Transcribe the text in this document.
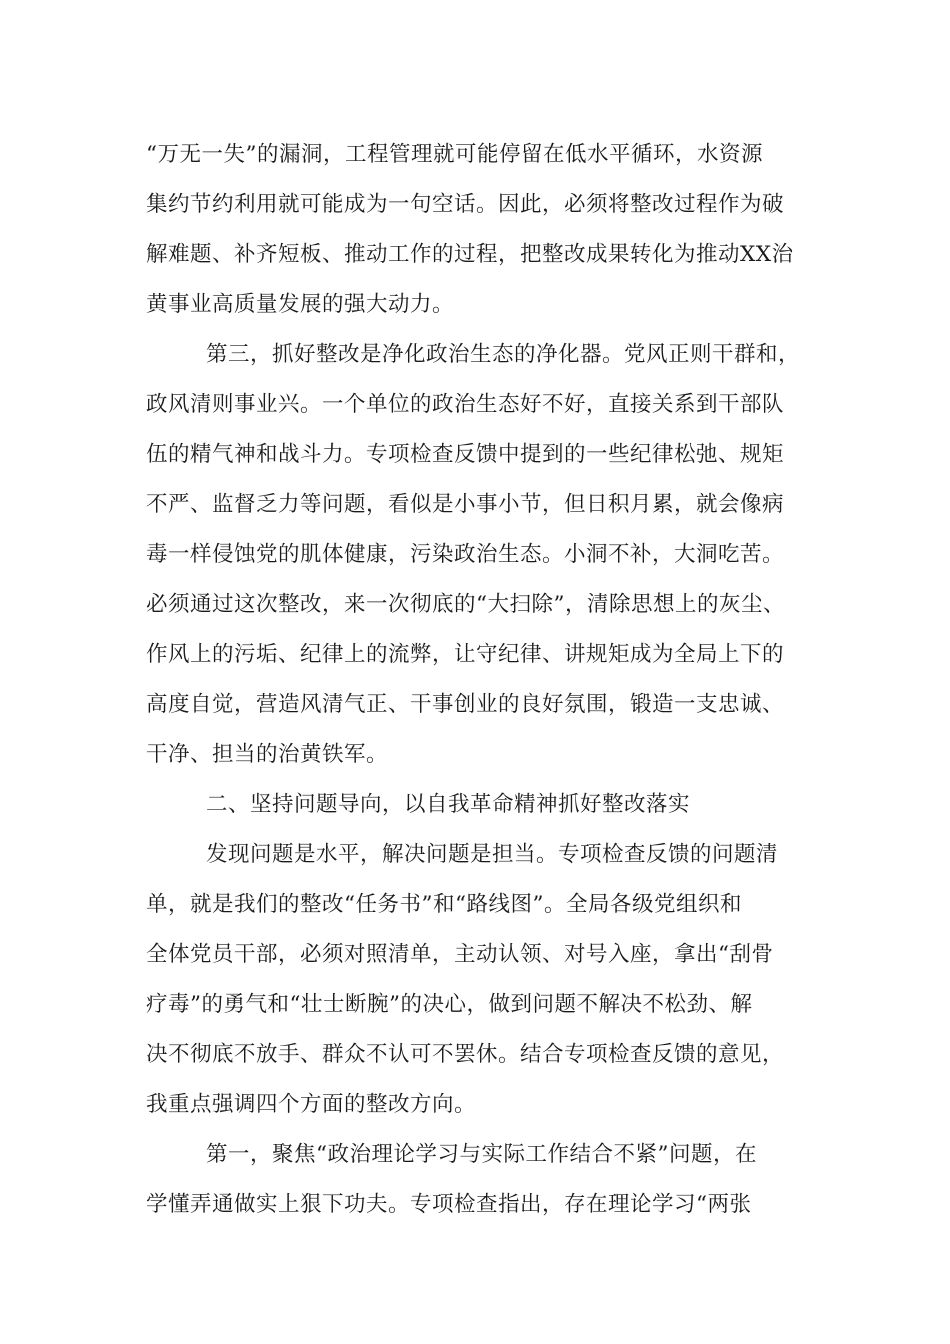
“万无一失”的漏洞，工程管理就可能停留在低水平循环，水资源
集约节约利用就可能成为一句空话。因此，必须将整改过程作为破
解难题、补齐短板、推动工作的过程，把整改成果转化为推动XX治
黄事业高质量发展的强大动力。
第三，抓好整改是净化政治生态的净化器。党风正则干群和，
政风清则事业兴。一个单位的政治生态好不好，直接关系到干部队
伍的精气神和战斗力。专项检查反馈中提到的一些纪律松弛、规矩
不严、监督乏力等问题，看似是小事小节，但日积月累，就会像病
毒一样侵蚀党的肌体健康，污染政治生态。小洞不补，大洞吃苦。
必须通过这次整改，来一次彻底的“大扫除”，清除思想上的灰尘、
作风上的污垢、纪律上的流弊，让守纪律、讲规矩成为全局上下的
高度自觉，营造风清气正、干事创业的良好氛围，锻造一支忠诚、
干净、担当的治黄铁军。
二、坚持问题导向，以自我革命精神抓好整改落实
发现问题是水平，解决问题是担当。专项检查反馈的问题清
单，就是我们的整改“任务书”和“路线图”。全局各级党组织和
全体党员干部，必须对照清单，主动认领、对号入座，拿出“刮骨
疗毒”的勇气和“壮士断腕”的决心，做到问题不解决不松劲、解
决不彻底不放手、群众不认可不罢休。结合专项检查反馈的意见，
我重点强调四个方面的整改方向。
第一，聚焦“政治理论学习与实际工作结合不紧”问题，在
学懂弄通做实上狠下功夫。专项检查指出，存在理论学习“两张
